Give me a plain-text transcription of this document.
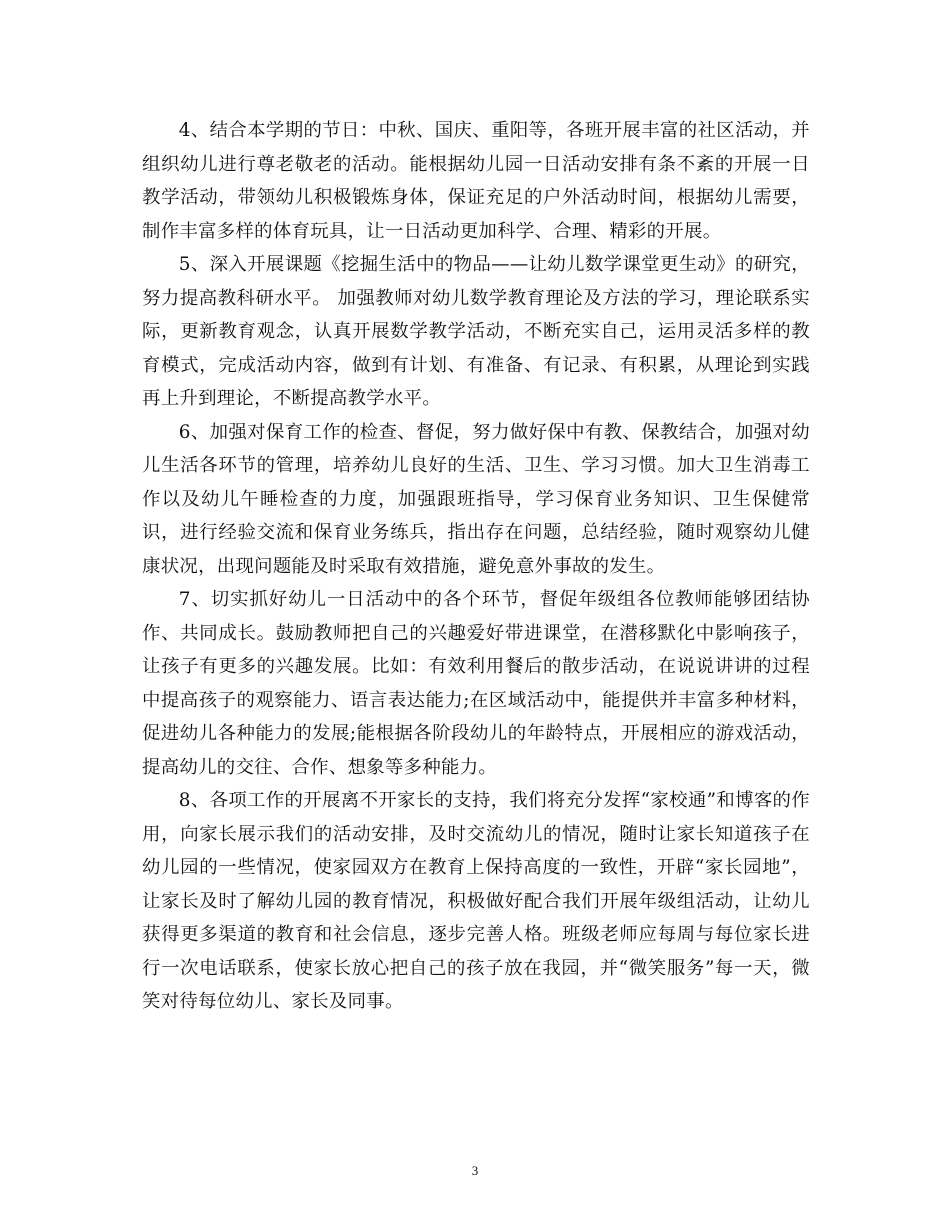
4、结合本学期的节日：中秋、国庆、重阳等，各班开展丰富的社区活动，并组织幼儿进行尊老敬老的活动。能根据幼儿园一日活动安排有条不紊的开展一日教学活动，带领幼儿积极锻炼身体，保证充足的户外活动时间，根据幼儿需要，制作丰富多样的体育玩具，让一日活动更加科学、合理、精彩的开展。

5、深入开展课题《挖掘生活中的物品——让幼儿数学课堂更生动》的研究，努力提高教科研水平。 加强教师对幼儿数学教育理论及方法的学习，理论联系实际，更新教育观念，认真开展数学教学活动，不断充实自己，运用灵活多样的教育模式，完成活动内容，做到有计划、有准备、有记录、有积累，从理论到实践再上升到理论，不断提高教学水平。

6、加强对保育工作的检查、督促，努力做好保中有教、保教结合，加强对幼儿生活各环节的管理，培养幼儿良好的生活、卫生、学习习惯。加大卫生消毒工作以及幼儿午睡检查的力度，加强跟班指导，学习保育业务知识、卫生保健常识，进行经验交流和保育业务练兵，指出存在问题，总结经验，随时观察幼儿健康状况，出现问题能及时采取有效措施，避免意外事故的发生。

7、切实抓好幼儿一日活动中的各个环节，督促年级组各位教师能够团结协作、共同成长。鼓励教师把自己的兴趣爱好带进课堂，在潜移默化中影响孩子，让孩子有更多的兴趣发展。比如：有效利用餐后的散步活动，在说说讲讲的过程中提高孩子的观察能力、语言表达能力;在区域活动中，能提供并丰富多种材料，促进幼儿各种能力的发展;能根据各阶段幼儿的年龄特点，开展相应的游戏活动，提高幼儿的交往、合作、想象等多种能力。

8、各项工作的开展离不开家长的支持，我们将充分发挥“家校通”和博客的作用，向家长展示我们的活动安排，及时交流幼儿的情况，随时让家长知道孩子在幼儿园的一些情况，使家园双方在教育上保持高度的一致性，开辟“家长园地”，让家长及时了解幼儿园的教育情况，积极做好配合我们开展年级组活动，让幼儿获得更多渠道的教育和社会信息，逐步完善人格。班级老师应每周与每位家长进行一次电话联系，使家长放心把自己的孩子放在我园，并“微笑服务”每一天，微笑对待每位幼儿、家长及同事。

3
